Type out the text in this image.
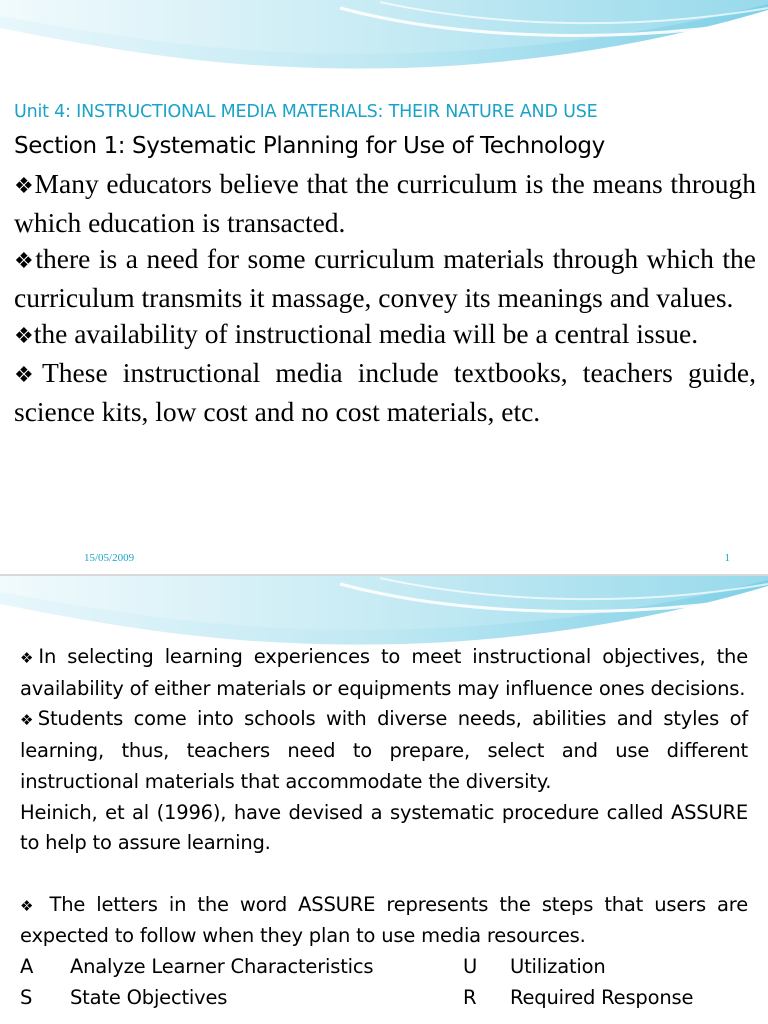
Unit 4: INSTRUCTIONAL MEDIA MATERIALS: THEIR NATURE AND USE
Section 1: Systematic Planning for Use of Technology

❖Many educators believe that the curriculum is the means through which education is transacted.

❖there is a need for some curriculum materials through which the curriculum transmits it massage, convey its meanings and values.

❖the availability of instructional media will be a central issue.

❖These instructional media include textbooks, teachers guide, science kits, low cost and no cost materials, etc.

15/05/2009	1

❖In selecting learning experiences to meet instructional objectives, the availability of either materials or equipments may influence ones decisions.

❖Students come into schools with diverse needs, abilities and styles of learning, thus, teachers need to prepare, select and use different instructional materials that accommodate the diversity.

Heinich, et al (1996), have devised a systematic procedure called ASSURE to help to assure learning.

❖ The letters in the word ASSURE represents the steps that users are expected to follow when they plan to use media resources.

A	Analyze Learner Characteristics	U	Utilization
S	State Objectives	R	Required Response
